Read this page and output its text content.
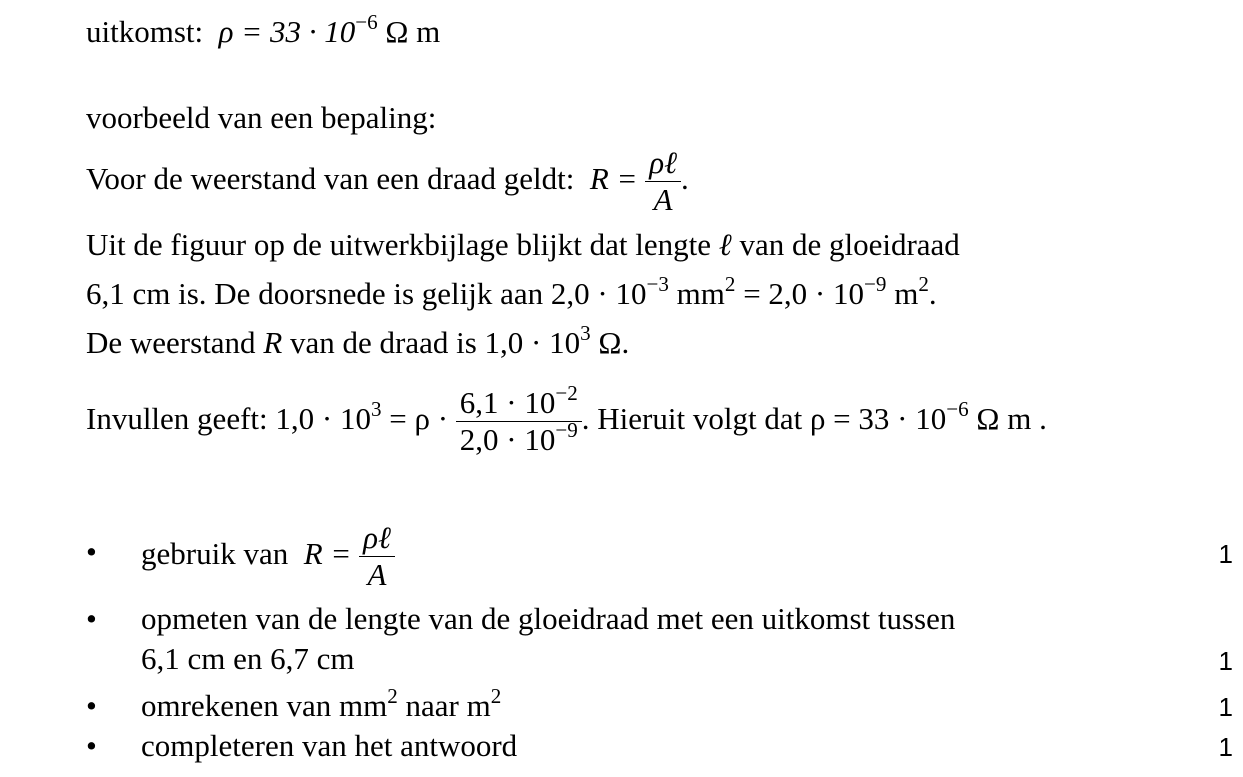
uitkomst: $\rho = 33 \cdot 10^{-6}$ Ω m
voorbeeld van een bepaling:
Voor de weerstand van een draad geldt: $R = \frac{\text{ρℓ}}{A}$ .
Uit de figuur op de uitwerkbijlage blijkt dat lengte ℓ van de gloeidraad
6,1 cm is. De doorsnede is gelijk aan $2,0 \cdot 10^{-3}$ $mm^2 = 2,0 \cdot 10^{-9}$ $m^2$.
De weerstand R van de draad is $1,0 \cdot 10^3$ Ω.
Invullen geeft: $1,0 \cdot 10^3 = \rho \cdot \frac{6,1 \cdot 10^{-2}}{2,0 \cdot 10^{-9}}$ . Hieruit volgt dat $\rho = 33 \cdot 10^{-6}$ Ω m .
• gebruik van $R = \frac{\text{ρℓ}}{A}$	1
• opmeten van de lengte van de gloeidraad met een uitkomst tussen
6,1 cm en 6,7 cm	1
• omrekenen van $mm^2$ naar $m^2$	1
• completeren van het antwoord	1
